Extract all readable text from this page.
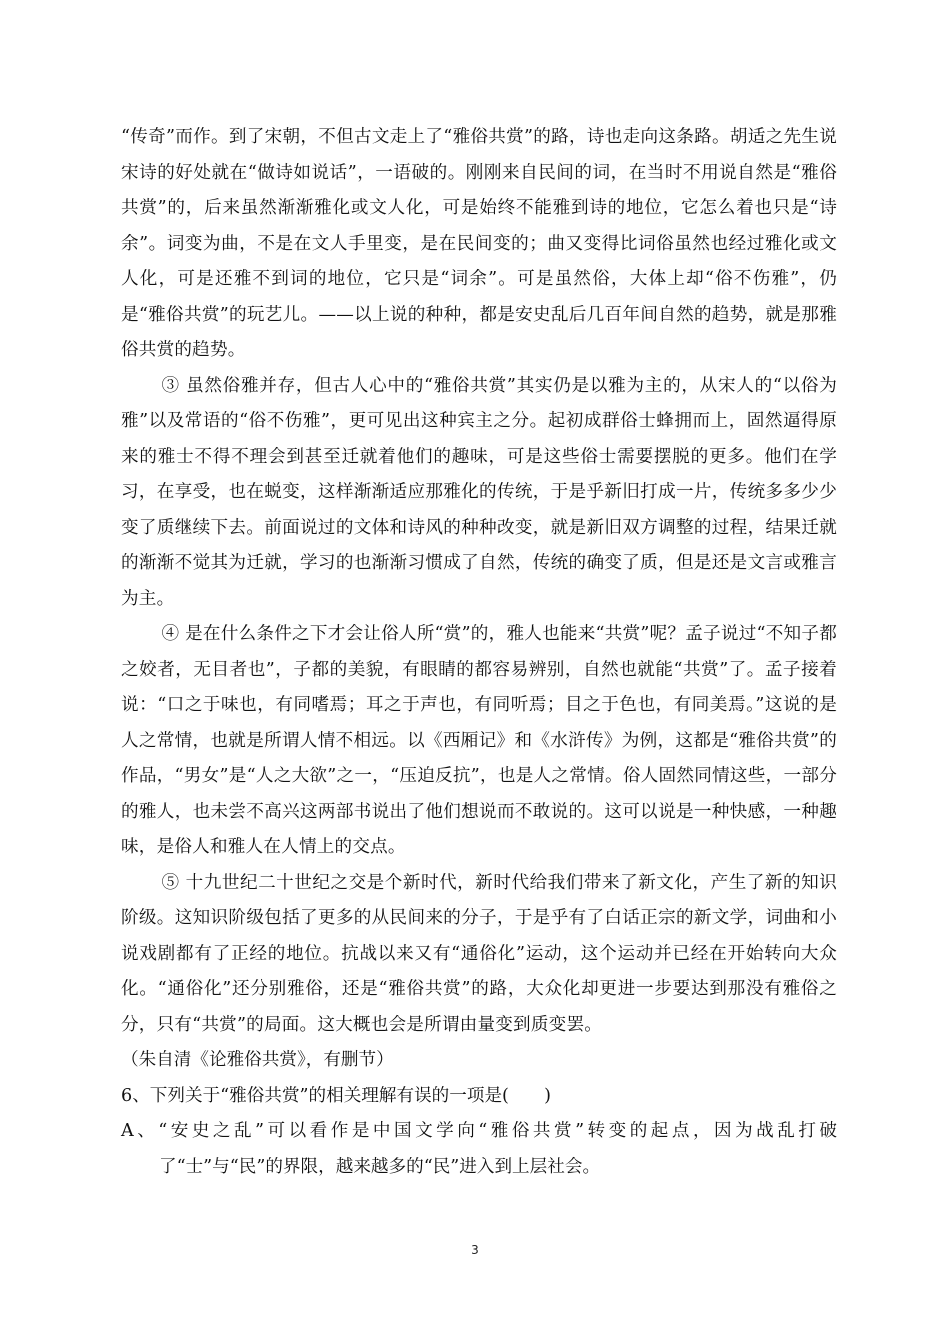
“传奇”而作。到了宋朝，不但古文走上了“雅俗共赏”的路，诗也走向这条路。胡适之先生说宋诗的好处就在“做诗如说话”，一语破的。刚刚来自民间的词，在当时不用说自然是“雅俗共赏”的，后来虽然渐渐雅化或文人化，可是始终不能雅到诗的地位，它怎么着也只是“诗余”。词变为曲，不是在文人手里变，是在民间变的；曲又变得比词俗虽然也经过雅化或文人化，可是还雅不到词的地位，它只是“词余”。可是虽然俗，大体上却“俗不伤雅”，仍是“雅俗共赏”的玩艺儿。——以上说的种种，都是安史乱后几百年间自然的趋势，就是那雅俗共赏的趋势。

③ 虽然俗雅并存，但古人心中的“雅俗共赏”其实仍是以雅为主的，从宋人的“以俗为雅”以及常语的“俗不伤雅”，更可见出这种宾主之分。起初成群俗士蜂拥而上，固然逼得原来的雅士不得不理会到甚至迁就着他们的趣味，可是这些俗士需要摆脱的更多。他们在学习，在享受，也在蜕变，这样渐渐适应那雅化的传统，于是乎新旧打成一片，传统多多少少变了质继续下去。前面说过的文体和诗风的种种改变，就是新旧双方调整的过程，结果迁就的渐渐不觉其为迁就，学习的也渐渐习惯成了自然，传统的确变了质，但是还是文言或雅言为主。

④ 是在什么条件之下才会让俗人所“赏”的，雅人也能来“共赏”呢？孟子说过“不知子都之姣者，无目者也”，子都的美貌，有眼睛的都容易辨别，自然也就能“共赏”了。孟子接着说：“口之于味也，有同嗜焉；耳之于声也，有同听焉；目之于色也，有同美焉。”这说的是人之常情，也就是所谓人情不相远。以《西厢记》和《水浒传》为例，这都是“雅俗共赏”的作品，“男女”是“人之大欲”之一，“压迫反抗”，也是人之常情。俗人固然同情这些，一部分的雅人，也未尝不高兴这两部书说出了他们想说而不敢说的。这可以说是一种快感，一种趣味，是俗人和雅人在人情上的交点。

⑤ 十九世纪二十世纪之交是个新时代，新时代给我们带来了新文化，产生了新的知识阶级。这知识阶级包括了更多的从民间来的分子，于是乎有了白话正宗的新文学，词曲和小说戏剧都有了正经的地位。抗战以来又有“通俗化”运动，这个运动并已经在开始转向大众化。“通俗化”还分别雅俗，还是“雅俗共赏”的路，大众化却更进一步要达到那没有雅俗之分，只有“共赏”的局面。这大概也会是所谓由量变到质变罢。

（朱自清《论雅俗共赏》，有删节）

6、下列关于“雅俗共赏”的相关理解有误的一项是(　　)

A、“安史之乱”可以看作是中国文学向“雅俗共赏”转变的起点，因为战乱打破了“士”与“民”的界限，越来越多的“民”进入到上层社会。

3
